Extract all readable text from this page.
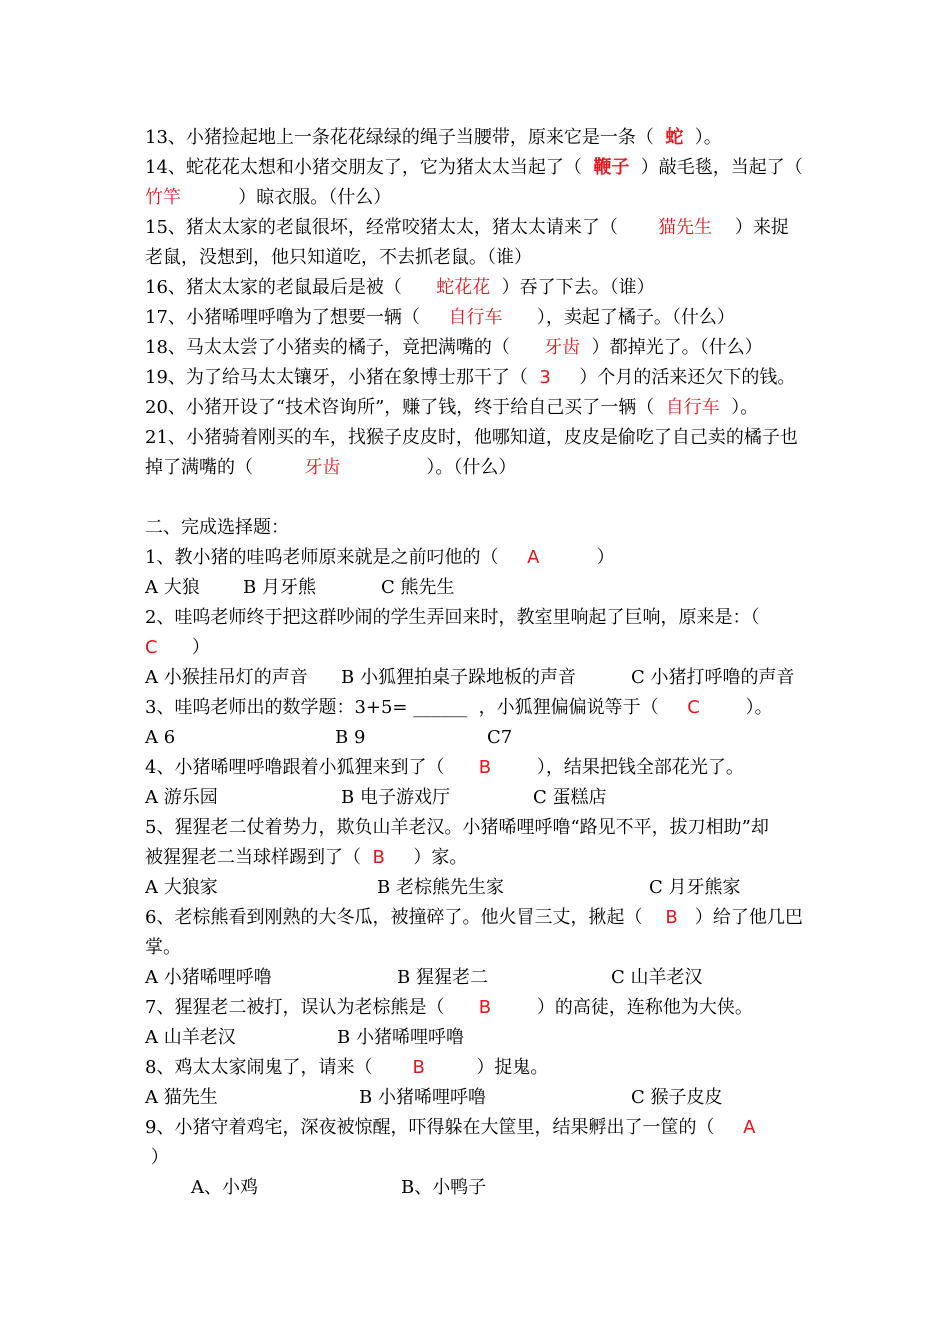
13、小猪捡起地上一条花花绿绿的绳子当腰带，原来它是一条（  蛇  ）。
14、蛇花花太想和小猪交朋友了，它为猪太太当起了（  鞭子  ）敲毛毯，当起了（
竹竿          ）晾衣服。（什么）
15、猪太太家的老鼠很坏，经常咬猪太太，猪太太请来了（       猫先生    ）来捉
老鼠，没想到，他只知道吃，不去抓老鼠。（谁）
16、猪太太家的老鼠最后是被（      蛇花花  ）吞了下去。（谁）
17、小猪唏哩呼噜为了想要一辆（     自行车      ），卖起了橘子。（什么）
18、马太太尝了小猪卖的橘子，竟把满嘴的（      牙齿  ）都掉光了。（什么）
19、为了给马太太镶牙，小猪在象博士那干了（  3     ）个月的活来还欠下的钱。
20、小猪开设了“技术咨询所”，赚了钱，终于给自己买了一辆（  自行车  ）。
21、小猪骑着刚买的车，找猴子皮皮时，他哪知道，皮皮是偷吃了自己卖的橘子也
掉了满嘴的（         牙齿               ）。（什么）
二、完成选择题：
1、教小猪的哇呜老师原来就是之前叼他的（     A          ）

A 大狼

B 月牙熊

	C 熊先生

2、哇呜老师终于把这群吵闹的学生弄回来时，教室里响起了巨响，原来是：（
C      ）

A 小猴挂吊灯的声音

B 小狐狸拍桌子跺地板的声音

	C 小猪打呼噜的声音

3、哇呜老师出的数学题：3+5= ______  ，小狐狸偏偏说等于（     C        ）。

A 6

	B 9

	C7

4、小猪唏哩呼噜跟着小狐狸来到了（      B        ），结果把钱全部花光了。

A 游乐园

	B 电子游戏厅

	C 蛋糕店

5、猩猩老二仗着势力，欺负山羊老汉。小猪唏哩呼噜“路见不平，拔刀相助”却
被猩猩老二当球样踢到了（  B     ）家。

A 大狼家

	B 老棕熊先生家

	C 月牙熊家

6、老棕熊看到刚熟的大冬瓜，被撞碎了。他火冒三丈，揪起（    B   ）给了他几巴
掌。

A 小猪唏哩呼噜

	B 猩猩老二

	C 山羊老汉

7、猩猩老二被打，误认为老棕熊是（      B        ）的高徒，连称他为大侠。

A 山羊老汉

	B 小猪唏哩呼噜

8、鸡太太家闹鬼了，请来（       B         ）捉鬼。

A 猫先生

	B 小猪唏哩呼噜

	C 猴子皮皮

9、小猪守着鸡宅，深夜被惊醒，吓得躲在大筐里，结果孵出了一筐的（     A
）

A、小鸡

	B、小鸭子
